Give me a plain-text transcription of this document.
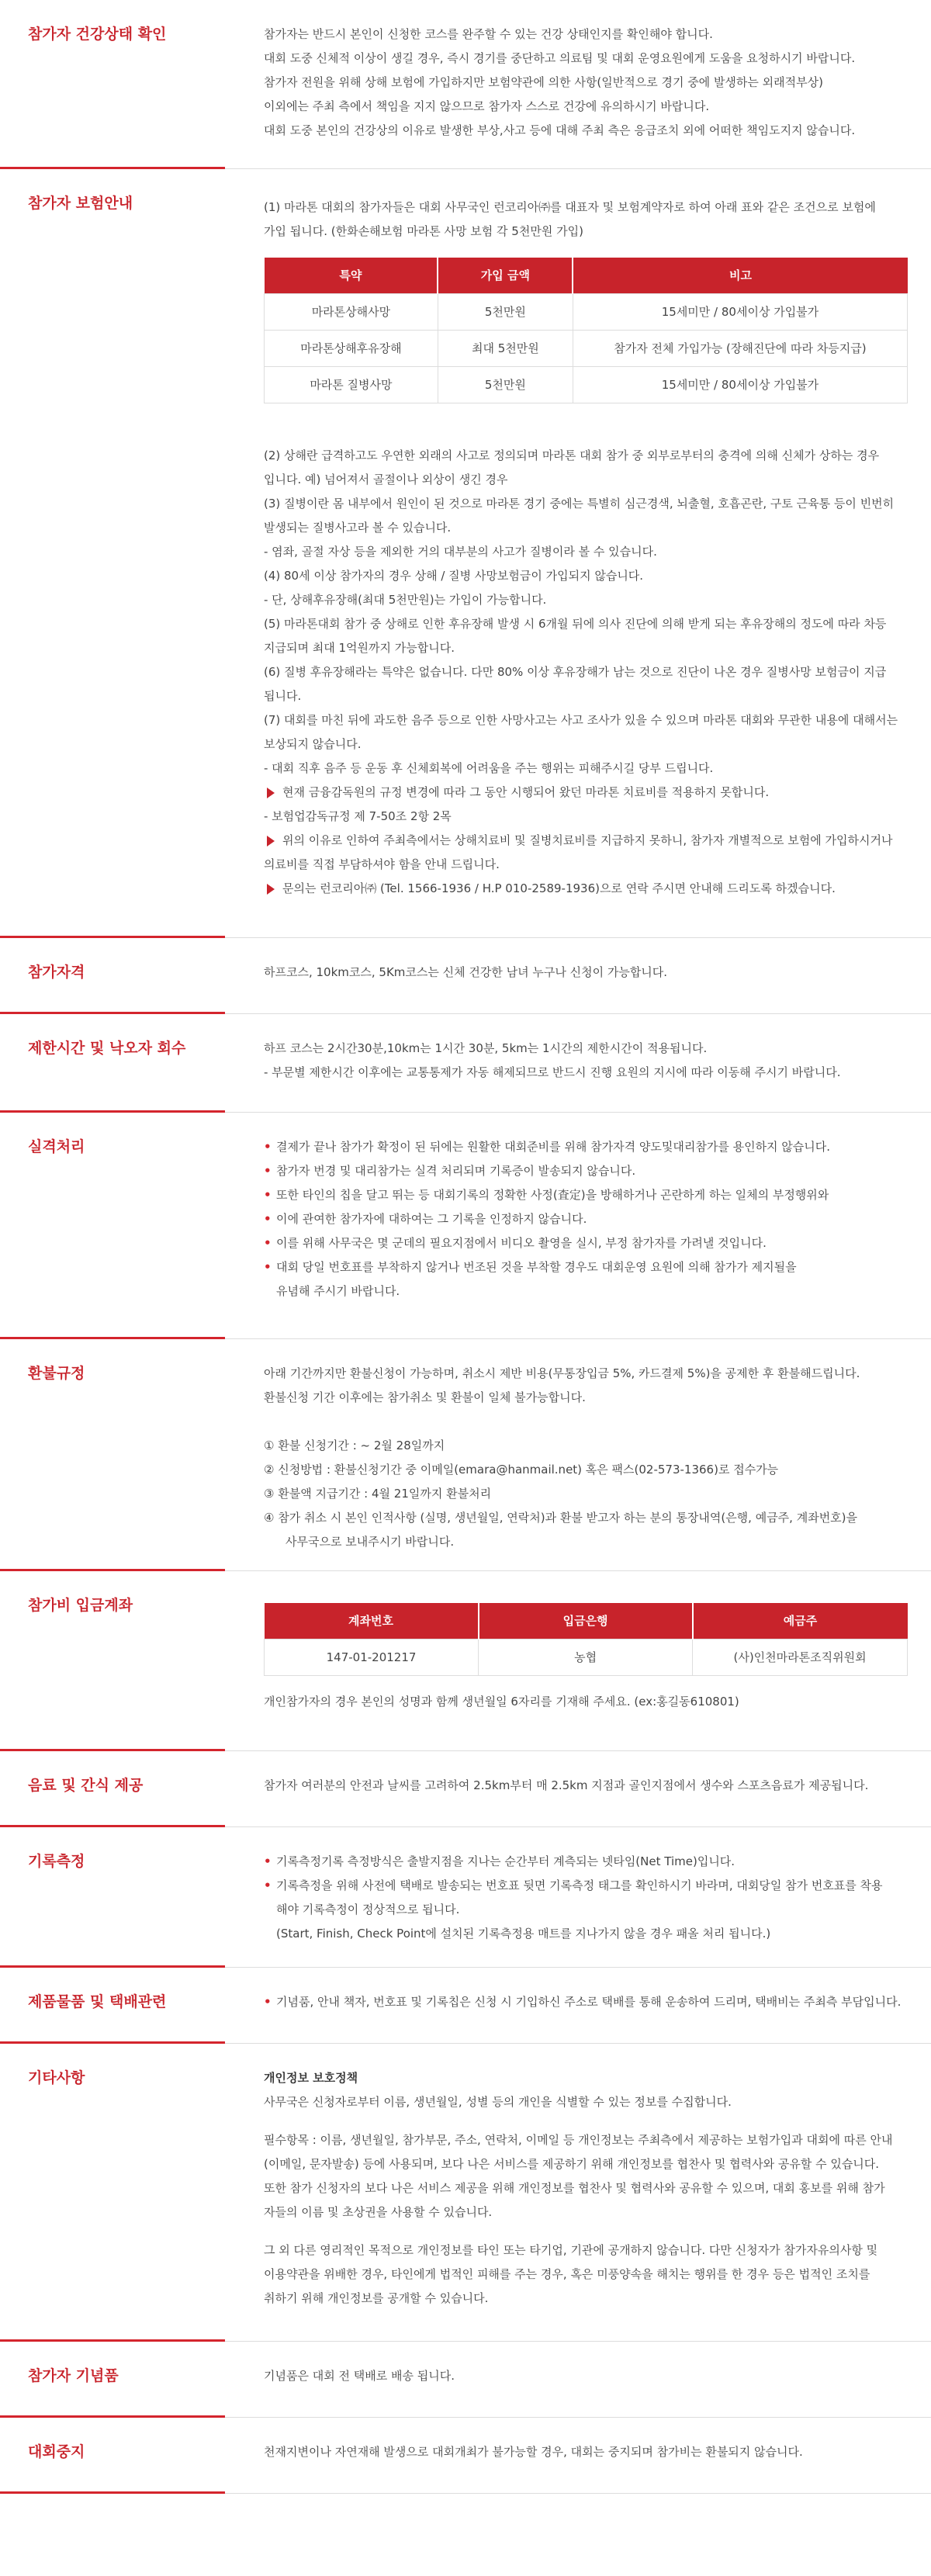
참가자 건강상태 확인	참가자는 반드시 본인이 신청한 코스를 완주할 수 있는 건강 상태인지를 확인해야 합니다.

대회 도중 신체적 이상이 생길 경우, 즉시 경기를 중단하고 의료팀 및 대회 운영요원에게 도움을 요청하시기 바랍니다.

참가자 전원을 위해 상해 보험에 가입하지만 보험약관에 의한 사항(일반적으로 경기 중에 발생하는 외래적부상)

이외에는 주최 측에서 책임을 지지 않으므로 참가자 스스로 건강에 유의하시기 바랍니다.

대회 도중 본인의 건강상의 이유로 발생한 부상,사고 등에 대해 주최 측은 응급조치 외에 어떠한 책임도지지 않습니다.

참가자 보험안내	(1) 마라톤 대회의 참가자들은 대회 사무국인 런코리아㈜를 대표자 및 보험계약자로 하여 아래 표와 같은 조건으로 보험에

가입 됩니다. (한화손해보험 마라톤 사망 보험 각 5천만원 가입)

특약	가입 금액	비고
마라톤상해사망	5천만원	15세미만 / 80세이상 가입불가
마라톤상해후유장해	최대 5천만원	참가자 전체 가입가능 (장해진단에 따라 차등지급)
마라톤 질병사망	5천만원	15세미만 / 80세이상 가입불가

(2) 상해란 급격하고도 우연한 외래의 사고로 정의되며 마라톤 대회 참가 중 외부로부터의 충격에 의해 신체가 상하는 경우

입니다. 예) 넘어져서 골절이나 외상이 생긴 경우

(3) 질병이란 몸 내부에서 원인이 된 것으로 마라톤 경기 중에는 특별히 심근경색, 뇌출혈, 호흡곤란, 구토 근육통 등이 빈번히

발생되는 질병사고라 볼 수 있습니다.

- 염좌, 골절 자상 등을 제외한 거의 대부분의 사고가 질병이라 볼 수 있습니다.

(4) 80세 이상 참가자의 경우 상해 / 질병 사망보험금이 가입되지 않습니다.

- 단, 상해후유장해(최대 5천만원)는 가입이 가능합니다.

(5) 마라톤대회 참가 중 상해로 인한 후유장해 발생 시 6개월 뒤에 의사 진단에 의해 받게 되는 후유장해의 정도에 따라 차등

지급되며 최대 1억원까지 가능합니다.

(6) 질병 후유장해라는 특약은 없습니다. 다만 80% 이상 후유장해가 남는 것으로 진단이 나온 경우 질병사망 보험금이 지급

됩니다.

(7) 대회를 마친 뒤에 과도한 음주 등으로 인한 사망사고는 사고 조사가 있을 수 있으며 마라톤 대회와 무관한 내용에 대해서는

보상되지 않습니다.

- 대회 직후 음주 등 운동 후 신체회복에 어려움을 주는 행위는 피해주시길 당부 드립니다.

현재 금융감독원의 규정 변경에 따라 그 동안 시행되어 왔던 마라톤 치료비를 적용하지 못합니다.

- 보험업감독규정 제 7-50조 2항 2목

위의 이유로 인하여 주최측에서는 상해치료비 및 질병치료비를 지급하지 못하니, 참가자 개별적으로 보험에 가입하시거나

의료비를 직접 부담하셔야 함을 안내 드립니다.

문의는 런코리아㈜ (Tel. 1566-1936 / H.P 010-2589-1936)으로 연락 주시면 안내해 드리도록 하겠습니다.

참가자격	하프코스, 10km코스, 5Km코스는 신체 건강한 남녀 누구나 신청이 가능합니다.

제한시간 및 낙오자 회수	하프 코스는 2시간30분,10km는 1시간 30분, 5km는 1시간의 제한시간이 적용됩니다.

- 부문별 제한시간 이후에는 교통통제가 자동 해제되므로 반드시 진행 요원의 지시에 따라 이동해 주시기 바랍니다.

실격처리	• 결제가 끝나 참가가 확정이 된 뒤에는 원활한 대회준비를 위해 참가자격 양도및대리참가를 용인하지 않습니다.

• 참가자 번경 및 대리참가는 실격 처리되며 기록증이 발송되지 않습니다.

• 또한 타인의 칩을 달고 뛰는 등 대회기록의 정확한 사정(査定)을 방해하거나 곤란하게 하는 일체의 부정행위와

• 이에 관여한 참가자에 대하여는 그 기록을 인정하지 않습니다.

• 이를 위해 사무국은 몇 군데의 필요지점에서 비디오 촬영을 실시, 부정 참가자를 가려낼 것입니다.

• 대회 당일 번호표를 부착하지 않거나 번조된 것을 부착할 경우도 대회운영 요원에 의해 참가가 제지될을

유념해 주시기 바랍니다.

환불규정	아래 기간까지만 환불신청이 가능하며, 취소시 제반 비용(무통장입금 5%, 카드결제 5%)을 공제한 후 환불해드립니다.

환불신청 기간 이후에는 참가취소 및 환불이 일체 불가능합니다.

① 환불 신청기간 : ~ 2월 28일까지

② 신청방법 : 환불신청기간 중 이메일(emara@hanmail.net) 혹은 팩스(02-573-1366)로 접수가능

③ 환불액 지급기간 : 4월 21일까지 환불처리

④ 참가 취소 시 본인 인적사항 (실명, 생년월일, 연락처)과 환불 받고자 하는 분의 통장내역(은행, 예금주, 계좌번호)을

사무국으로 보내주시기 바랍니다.

참가비 입금계좌
계좌번호	입금은행	예금주
147-01-201217	농협	(사)인천마라톤조직위원회

개인참가자의 경우 본인의 성명과 함께 생년월일 6자리를 기재해 주세요. (ex:홍길동610801)

음료 및 간식 제공	참가자 여러분의 안전과 날씨를 고려하여 2.5km부터 매 2.5km 지점과 골인지점에서 생수와 스포츠음료가 제공됩니다.

기록측정	• 기록측정기록 측정방식은 출발지점을 지나는 순간부터 계측되는 넷타임(Net Time)입니다.

• 기록측정을 위해 사전에 택배로 발송되는 번호표 뒷면 기록측정 태그를 확인하시기 바라며, 대회당일 참가 번호표를 착용

해야 기록측정이 정상적으로 됩니다.

(Start, Finish, Check Point에 설치된 기록측정용 매트를 지나가지 않을 경우 패올 처리 됩니다.)

제품물품 및 택배관련	• 기념품, 안내 책자, 번호표 및 기록칩은 신청 시 기입하신 주소로 택배를 통해 운송하여 드리며, 택배비는 주최측 부담입니다.

기타사항	개인정보 보호정책

사무국은 신청자로부터 이름, 생년월일, 성별 등의 개인을 식별할 수 있는 정보를 수집합니다.

필수항목 : 이름, 생년월일, 참가부문, 주소, 연락처, 이메일 등 개인정보는 주최측에서 제공하는 보험가입과 대회에 따른 안내

(이메일, 문자발송) 등에 사용되며, 보다 나은 서비스를 제공하기 위해 개인정보를 협찬사 및 협력사와 공유할 수 있습니다.

또한 참가 신청자의 보다 나은 서비스 제공을 위해 개인정보를 협찬사 및 협력사와 공유할 수 있으며, 대회 홍보를 위해 참가

자들의 이름 및 초상권을 사용할 수 있습니다.

그 외 다른 영리적인 목적으로 개인정보를 타인 또는 타기업, 기관에 공개하지 않습니다. 다만 신청자가 참가자유의사항 및

이용약관을 위배한 경우, 타인에게 법적인 피해를 주는 경우, 혹은 미풍양속을 해치는 행위를 한 경우 등은 법적인 조치를

취하기 위해 개인정보를 공개할 수 있습니다.

참가자 기념품	기념품은 대회 전 택배로 배송 됩니다.

대회중지	천재지변이나 자연재해 발생으로 대회개최가 불가능할 경우, 대회는 중지되며 참가비는 환불되지 않습니다.
